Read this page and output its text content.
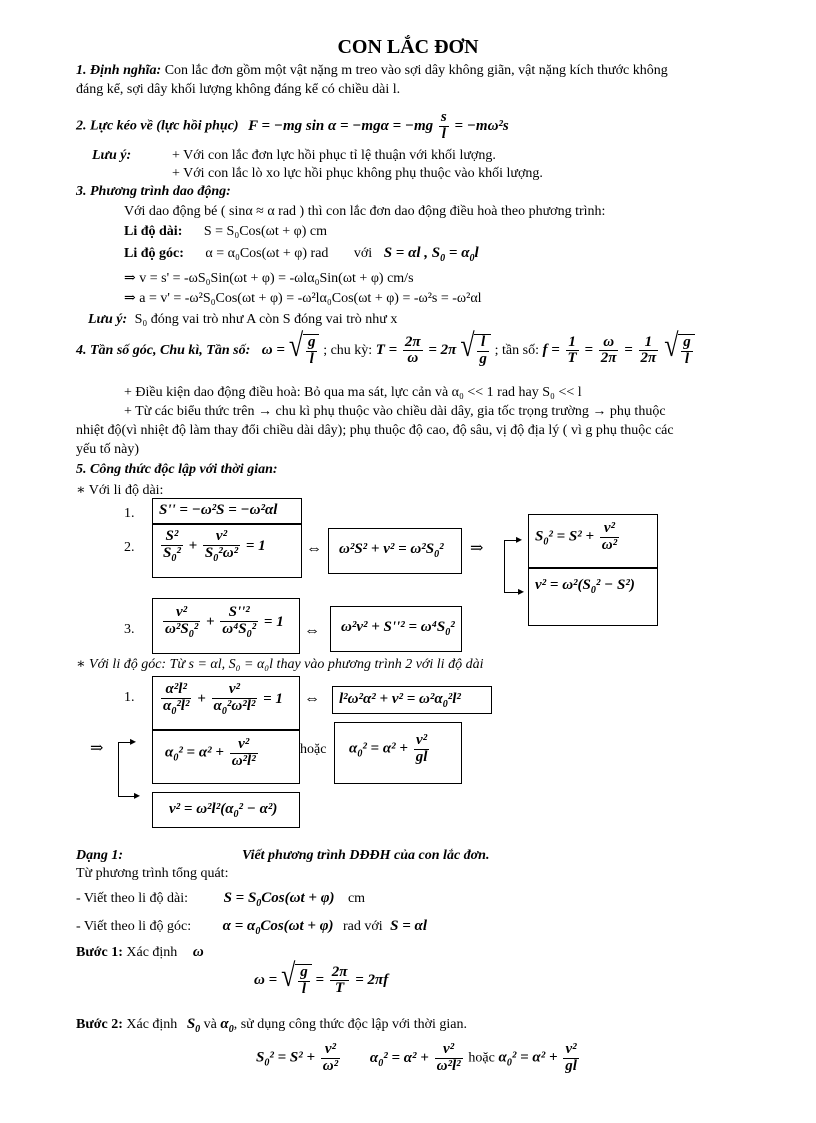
CON LẮC ĐƠN
1. Định nghĩa: Con lắc đơn gồm một vật nặng m treo vào sợi dây không giãn, vật nặng kích thước không
đáng kể, sợi dây khối lượng không đáng kể có chiều dài l.
2. Lực kéo về (lực hồi phục) F = −mg $\sin \alpha = -mg\alpha = -mg \frac{s}{l} = -m\omega^2s$
Lưu ý:	+ Với con lắc đơn lực hồi phục tỉ lệ thuận với khối lượng.
+ Với con lắc lò xo lực hồi phục không phụ thuộc vào khối lượng.
3. Phương trình dao động:
Với dao động bé ( sinα ≈ α rad ) thì con lắc đơn dao động điều hoà theo phương trình:
Li độ dài: S = S₀Cos(ωt + φ) cm
Li độ góc: α = α₀Cos(ωt + φ) rad với S = αl , $S_0 = \alpha_0l$
⇒ v = s' = -ωS₀Sin(ωt + φ) = -ωlα₀Sin(ωt + φ) cm/s
⇒ a = v' = -ω²S₀Cos(ωt + φ) = -ω²lα₀Cos(ωt + φ) = -ω²s = -ω²αl
Lưu ý: S₀ đóng vai trò như A còn S đóng vai trò như x
4. Tần số góc, Chu kì, Tần số: ω = √ $\frac{g}{l}$ ; chu kỳ: $T = \frac{2\pi}{\omega} = 2\pi$ √ $\frac{l}{g}$ ; tần số: $f = \frac{1}{T} = \frac{\omega}{2\pi} = \frac{1}{2\pi}$
√ $\frac{g}{l}$
+ Điều kiện dao động điều hoà: Bỏ qua ma sát, lực cản và α₀ << 1 rad hay S₀ << l
+ Từ các biểu thức trên → chu kì phụ thuộc vào chiều dài dây, gia tốc trọng trường → phụ thuộc
nhiệt độ(vì nhiệt độ làm thay đổi chiều dài dây); phụ thuộc độ cao, độ sâu, vị độ địa lý ( vì g phụ thuộc các
yếu tố này)
5. Công thức độc lập với thời gian:
∗ Với li độ dài:
1. S'' = −ω²S = −ω²αl
2. $\frac{\text{S²}}{S_0^2} + \frac{\text{v²}}{S_0^2\omega^2} = 1$	⇔ $\omega^2S^2 + v^2 = \omega^2S_0^2$ ⇒
▸
▸
$S_0^2 = S^2 + \frac{\text{v²}}{\text{ω²}}$
$v^2 = \omega^2(S_0^2 - S^2)$
3. $\frac{\text{v²}}{\omega^2S_0^2} + \frac{\text{S''²}}{\omega^4S_0^2} = 1$ ⇔ $\omega^2v^2 + S''^2 = \omega^4S_0^2$
∗ Với li độ góc: Từ s = αl, S₀ = α₀l thay vào phương trình 2 với li độ dài
1. $\frac{\text{α²l²}}{\alpha_0^2l^2} + \frac{\text{v²}}{\alpha_0^2\omega^2l^2} = 1$ ⇔ $l^2\omega^2\alpha^2 + v^2 = \omega^2\alpha_0^2l^2$
⇒ ▸
▸
$\alpha_0^2 = \alpha^2 + \frac{\text{v²}}{\text{ω²l²}}$	hoặc $\alpha_0^2 = \alpha^2 + \frac{\text{v²}}{gl}$
$v^2 = \omega^2l^2(\alpha_0^2 - \alpha^2)$
Dạng 1:	Viết phương trình DĐĐH của con lắc đơn.
Từ phương trình tổng quát:
- Viết theo li độ dài: $S = S_0Cos(\omega t + \varphi)$ cm
- Viết theo li độ góc: $\alpha = \alpha_0Cos(\omega t + \varphi)$ rad với S = αl
Bước 1: Xác định ω
ω = √ $\frac{g}{l} = \frac{2\pi}{T} = 2\pi f$
Bước 2: Xác định $S_0$ và $\alpha_0$, sử dụng công thức độc lập với thời gian.
$S_0^2 = S^2 + \frac{\text{v²}}{\text{ω²}} \alpha_0^2 = \alpha^2 + \frac{\text{v²}}{\text{ω²l²}}$ hoặc $\alpha_0^2 = \alpha^2 + \frac{\text{v²}}{gl}$
